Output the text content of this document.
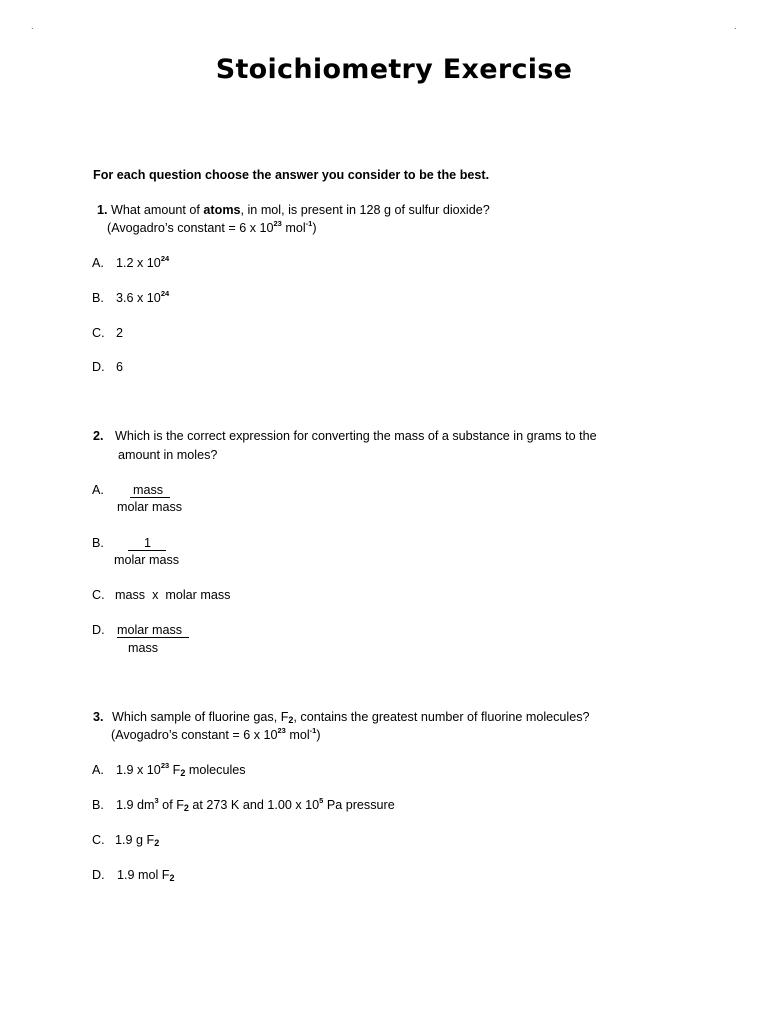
.	.
Stoichiometry Exercise
For each question choose the answer you consider to be the best.
1. What amount of atoms, in mol, is present in 128 g of sulfur dioxide?
(Avogadro’s constant = 6 x $10^{23}$ mol$^{-1}$)
A. 1.2 x $10^{24}$
B. 3.6 x $10^{24}$
C. 2
D. 6
2. Which is the correct expression for converting the mass of a substance in grams to the
amount in moles?
A. mass
molar mass
B.	1
molar mass
C. mass  x  molar mass
D. molar mass
mass
3. Which sample of fluorine gas, $F_2$, contains the greatest number of fluorine molecules?
(Avogadro’s constant = 6 x $10^{23}$ mol$^{-1}$)
A. 1.9 x $10^{23}$ $F_2$ molecules
B. 1.9 $dm^3$ of $F_2$ at 273 K and 1.00 x $10^5$ Pa pressure
C. 1.9 g $F_2$
D. 1.9 mol $F_2$
